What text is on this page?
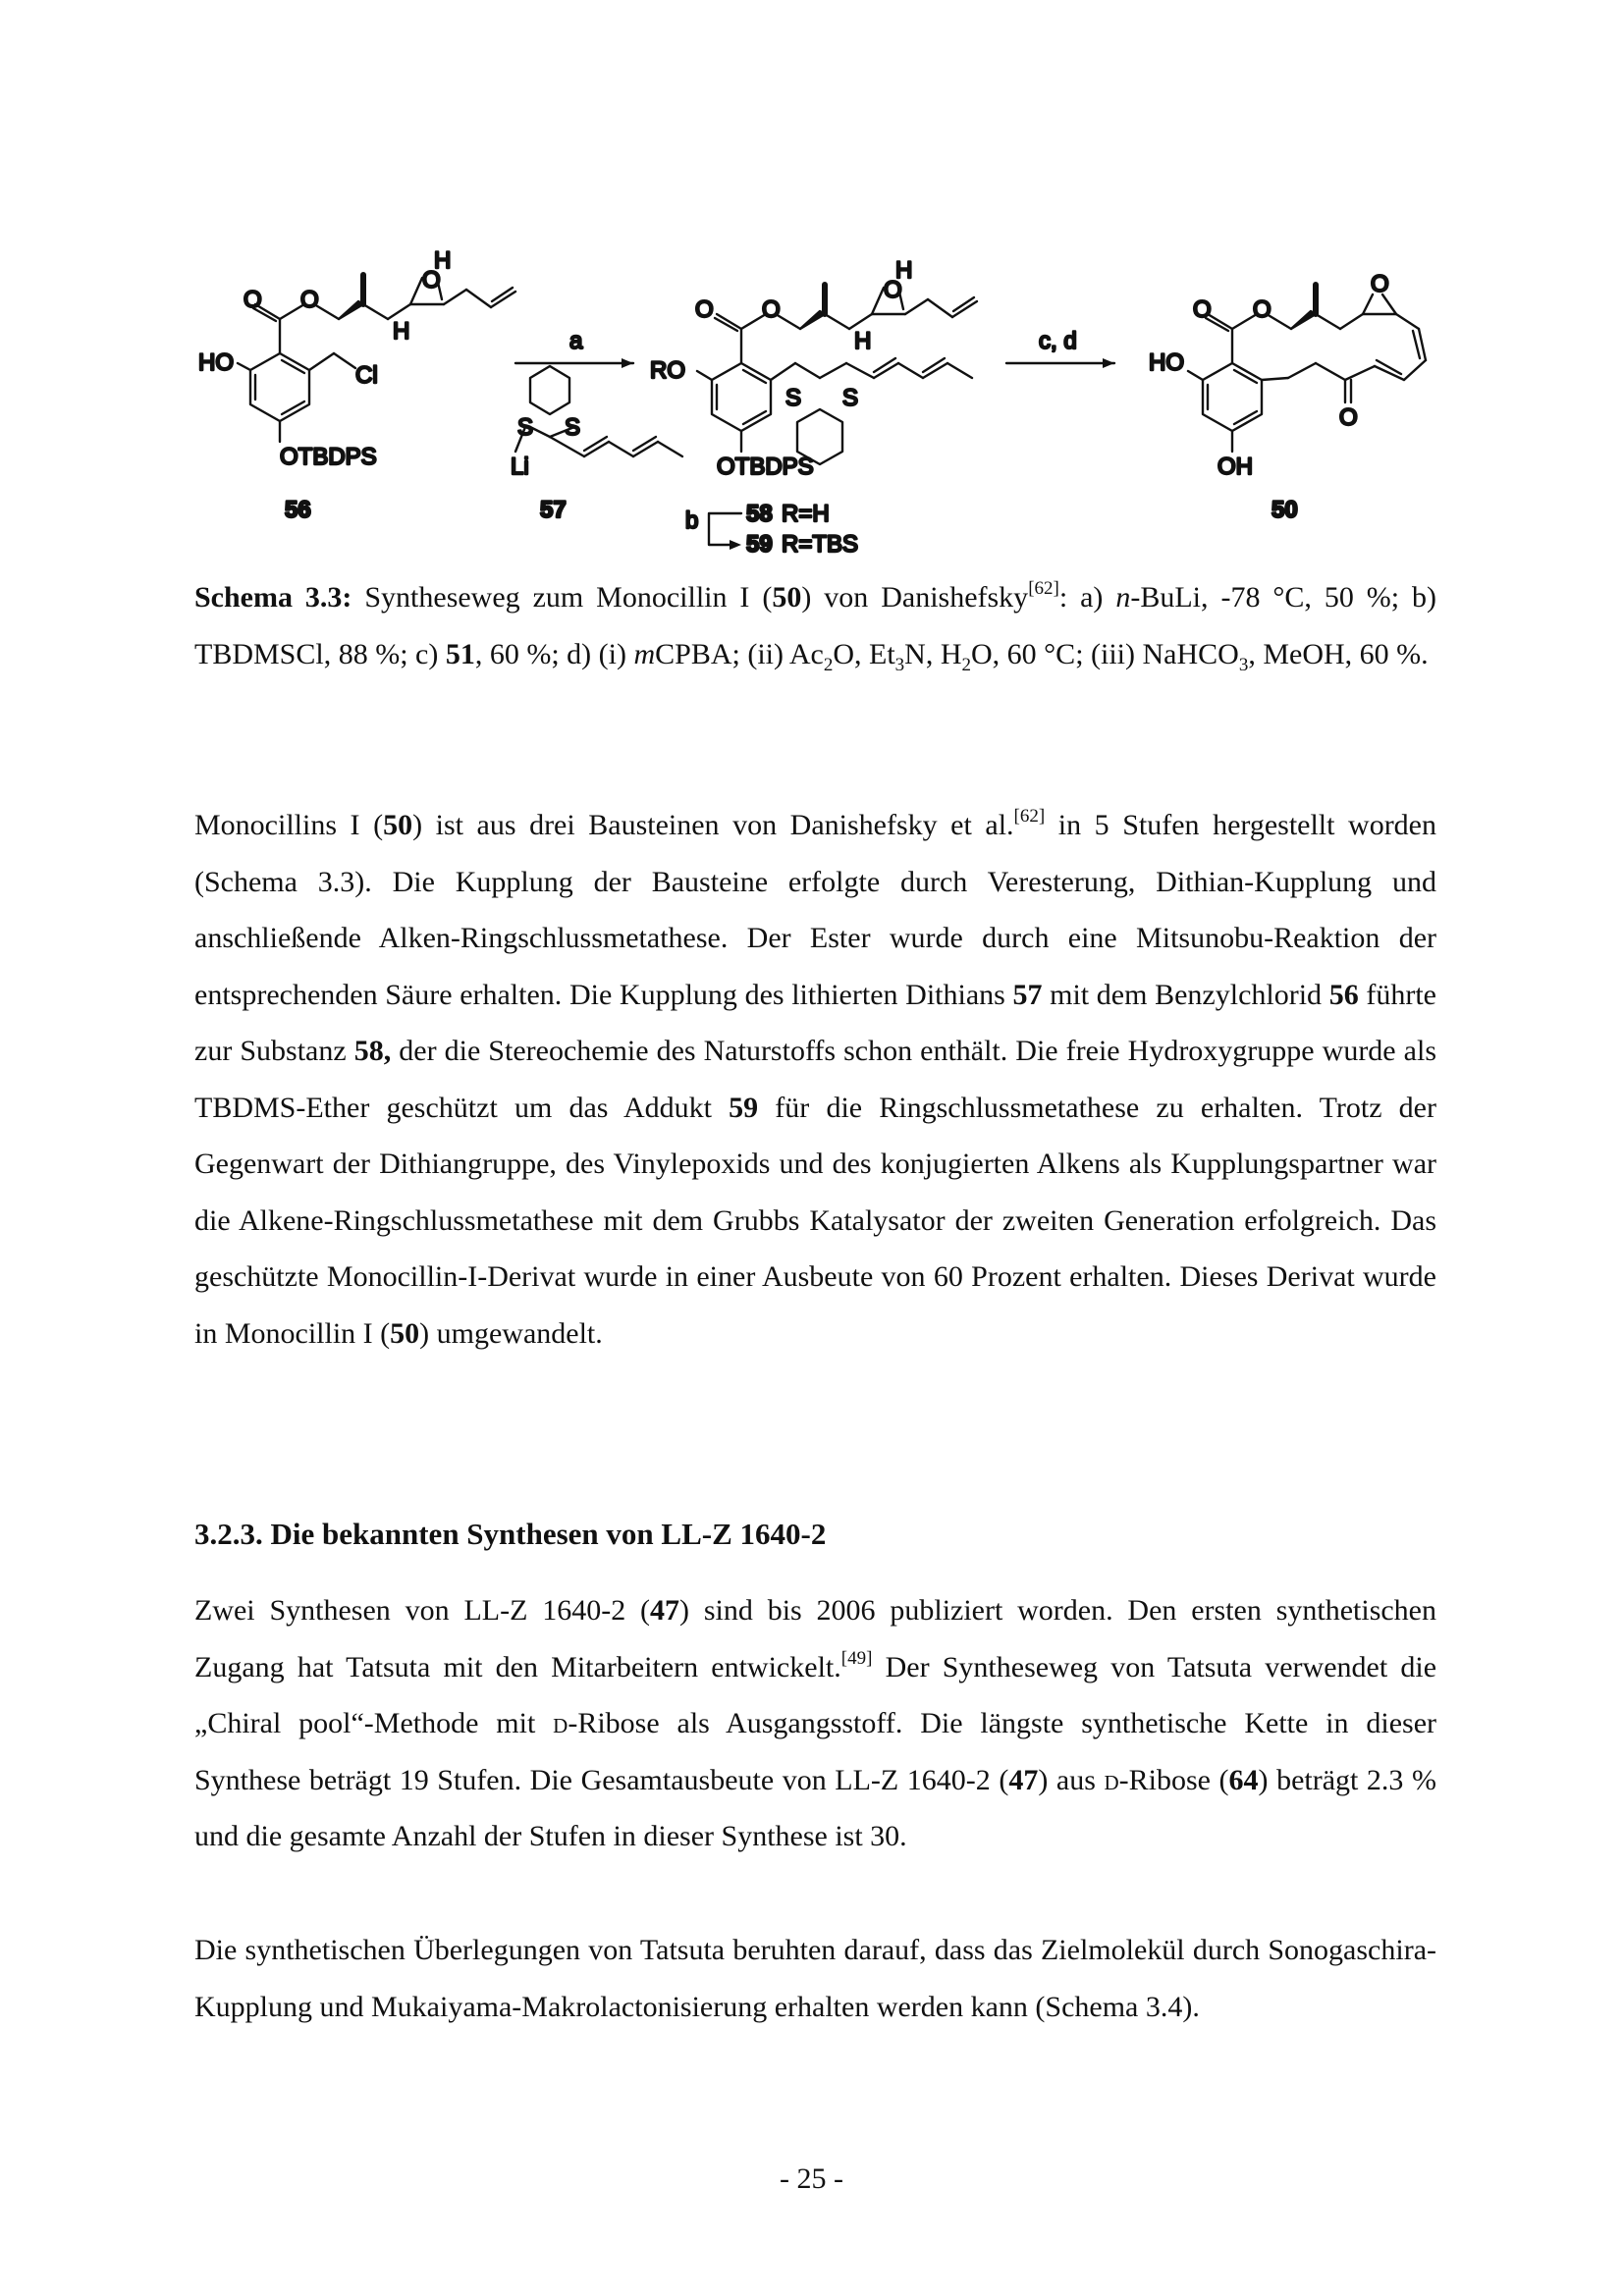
HO
O O
O
H
H
Cl
OTBDPS
56
S S
Li
57
a
RO
O O
O
H
H
S S
OTBDPS
b 58 R=H
59 R=TBS
c, d
HO
O O
O
O
OH
50
Schema 3.3: Syntheseweg zum Monocillin I (50) von Danishefsky[62]: a) n-BuLi, -78 °C, 50 %; b) TBDMSCl, 88 %; c) 51, 60 %; d) (i) mCPBA; (ii) $Ac_2O$, $Et_3N$, $H_2O$, 60 °C; (iii) NaHCO$_3$, MeOH, 60 %.
Monocillins I (50) ist aus drei Bausteinen von Danishefsky et al.[62] in 5 Stufen hergestellt worden (Schema 3.3). Die Kupplung der Bausteine erfolgte durch Veresterung, Dithian-Kupplung und anschließende Alken-Ringschlussmetathese. Der Ester wurde durch eine Mitsunobu-Reaktion der entsprechenden Säure erhalten. Die Kupplung des lithierten Dithians 57 mit dem Benzylchlorid 56 führte zur Substanz 58, der die Stereochemie des Naturstoffs schon enthält. Die freie Hydroxygruppe wurde als TBDMS-Ether geschützt um das Addukt 59 für die Ringschlussmetathese zu erhalten. Trotz der Gegenwart der Dithiangruppe, des Vinylepoxids und des konjugierten Alkens als Kupplungspartner war die Alkene-Ringschlussmetathese mit dem Grubbs Katalysator der zweiten Generation erfolgreich. Das geschützte Monocillin-I-Derivat wurde in einer Ausbeute von 60 Prozent erhalten. Dieses Derivat wurde in Monocillin I (50) umgewandelt.
3.2.3. Die bekannten Synthesen von LL-Z 1640-2
Zwei Synthesen von LL-Z 1640-2 (47) sind bis 2006 publiziert worden. Den ersten synthetischen Zugang hat Tatsuta mit den Mitarbeitern entwickelt.[49] Der Syntheseweg von Tatsuta verwendet die „Chiral pool“-Methode mit d-Ribose als Ausgangsstoff. Die längste synthetische Kette in dieser Synthese beträgt 19 Stufen. Die Gesamtausbeute von LL-Z 1640-2 (47) aus d-Ribose (64) beträgt 2.3 % und die gesamte Anzahl der Stufen in dieser Synthese ist 30.
Die synthetischen Überlegungen von Tatsuta beruhten darauf, dass das Zielmolekül durch Sonogaschira-Kupplung und Mukaiyama-Makrolactonisierung erhalten werden kann (Schema 3.4).
- 25 -
